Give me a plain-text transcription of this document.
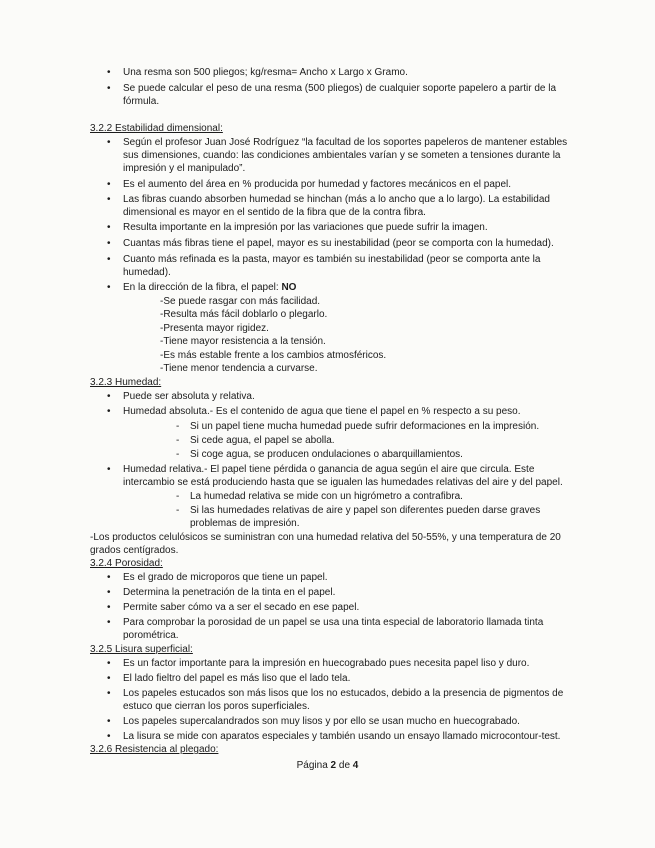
• Una resma son 500 pliegos; kg/resma= Ancho x Largo x Gramo.
• Se puede calcular el peso de una resma (500 pliegos) de cualquier soporte papelero a partir de la
fórmula.
3.2.2 Estabilidad dimensional:
• Según el profesor Juan José Rodríguez “la facultad de los soportes papeleros de mantener estables
sus dimensiones, cuando: las condiciones ambientales varían y se someten a tensiones durante la
impresión y el manipulado”.
• Es el aumento del área en % producida por humedad y factores mecánicos en el papel.
• Las fibras cuando absorben humedad se hinchan (más a lo ancho que a lo largo). La estabilidad
dimensional es mayor en el sentido de la fibra que de la contra fibra.
• Resulta importante en la impresión por las variaciones que puede sufrir la imagen.
• Cuantas más fibras tiene el papel, mayor es su inestabilidad (peor se comporta con la humedad).
• Cuanto más refinada es la pasta, mayor es también su inestabilidad (peor se comporta ante la
humedad).
• En la dirección de la fibra, el papel: NO
-Se puede rasgar con más facilidad.
-Resulta más fácil doblarlo o plegarlo.
-Presenta mayor rigidez.
-Tiene mayor resistencia a la tensión.
-Es más estable frente a los cambios atmosféricos.
-Tiene menor tendencia a curvarse.
3.2.3 Humedad:
• Puede ser absoluta y relativa.
• Humedad absoluta.- Es el contenido de agua que tiene el papel en % respecto a su peso.
- Si un papel tiene mucha humedad puede sufrir deformaciones en la impresión.
- Si cede agua, el papel se abolla.
- Si coge agua, se producen ondulaciones o abarquillamientos.
• Humedad relativa.- El papel tiene pérdida o ganancia de agua según el aire que circula. Este
intercambio se está produciendo hasta que se igualen las humedades relativas del aire y del papel.
- La humedad relativa se mide con un higrómetro a contrafibra.
- Si las humedades relativas de aire y papel son diferentes pueden darse graves
problemas de impresión.
-Los productos celulósicos se suministran con una humedad relativa del 50-55%, y una temperatura de 20
grados centígrados.
3.2.4 Porosidad:
• Es el grado de microporos que tiene un papel.
• Determina la penetración de la tinta en el papel.
• Permite saber cómo va a ser el secado en ese papel.
• Para comprobar la porosidad de un papel se usa una tinta especial de laboratorio llamada tinta
porométrica.
3.2.5 Lisura superficial:
• Es un factor importante para la impresión en huecograbado pues necesita papel liso y duro.
• El lado fieltro del papel es más liso que el lado tela.
• Los papeles estucados son más lisos que los no estucados, debido a la presencia de pigmentos de
estuco que cierran los poros superficiales.
• Los papeles supercalandrados son muy lisos y por ello se usan mucho en huecograbado.
• La lisura se mide con aparatos especiales y también usando un ensayo llamado microcontour-test.
3.2.6 Resistencia al plegado:
Página 2 de 4
